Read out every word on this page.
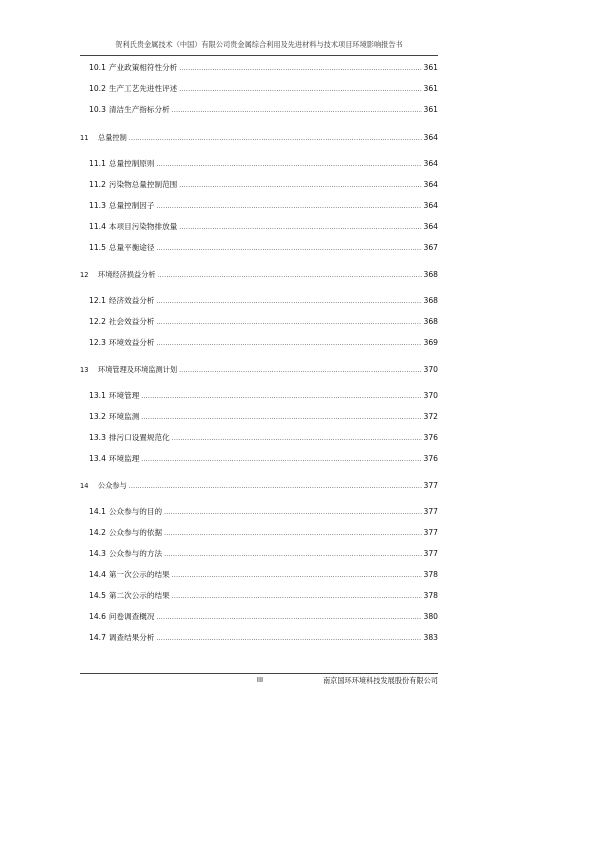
贺利氏贵金属技术（中国）有限公司贵金属综合利用及先进材料与技术项目环境影响报告书
10.1 产业政策相符性分析 .....	361
10.2 生产工艺先进性评述 .....	361
10.3 清洁生产指标分析 .....	361
11	总量控制 .....	364
11.1 总量控制原则 .....	364
11.2 污染物总量控制范围 .....	364
11.3 总量控制因子 .....	364
11.4 本项目污染物排放量 .....	364
11.5 总量平衡途径 .....	367
12	环境经济损益分析 .....	368
12.1 经济效益分析 .....	368
12.2 社会效益分析 .....	368
12.3 环境效益分析 .....	369
13	环境管理及环境监测计划 .....	370
13.1 环境管理 .....	370
13.2 环境监测 .....	372
13.3 排污口设置规范化 .....	376
13.4 环境监理 .....	376
14	公众参与 .....	377
14.1 公众参与的目的 .....	377
14.2 公众参与的依据 .....	377
14.3 公众参与的方法 .....	377
14.4 第一次公示的结果 .....	378
14.5 第二次公示的结果 .....	378
14.6 问卷调查概况 .....	380
14.7 调查结果分析 .....	383
III	南京国环环境科技发展股份有限公司
